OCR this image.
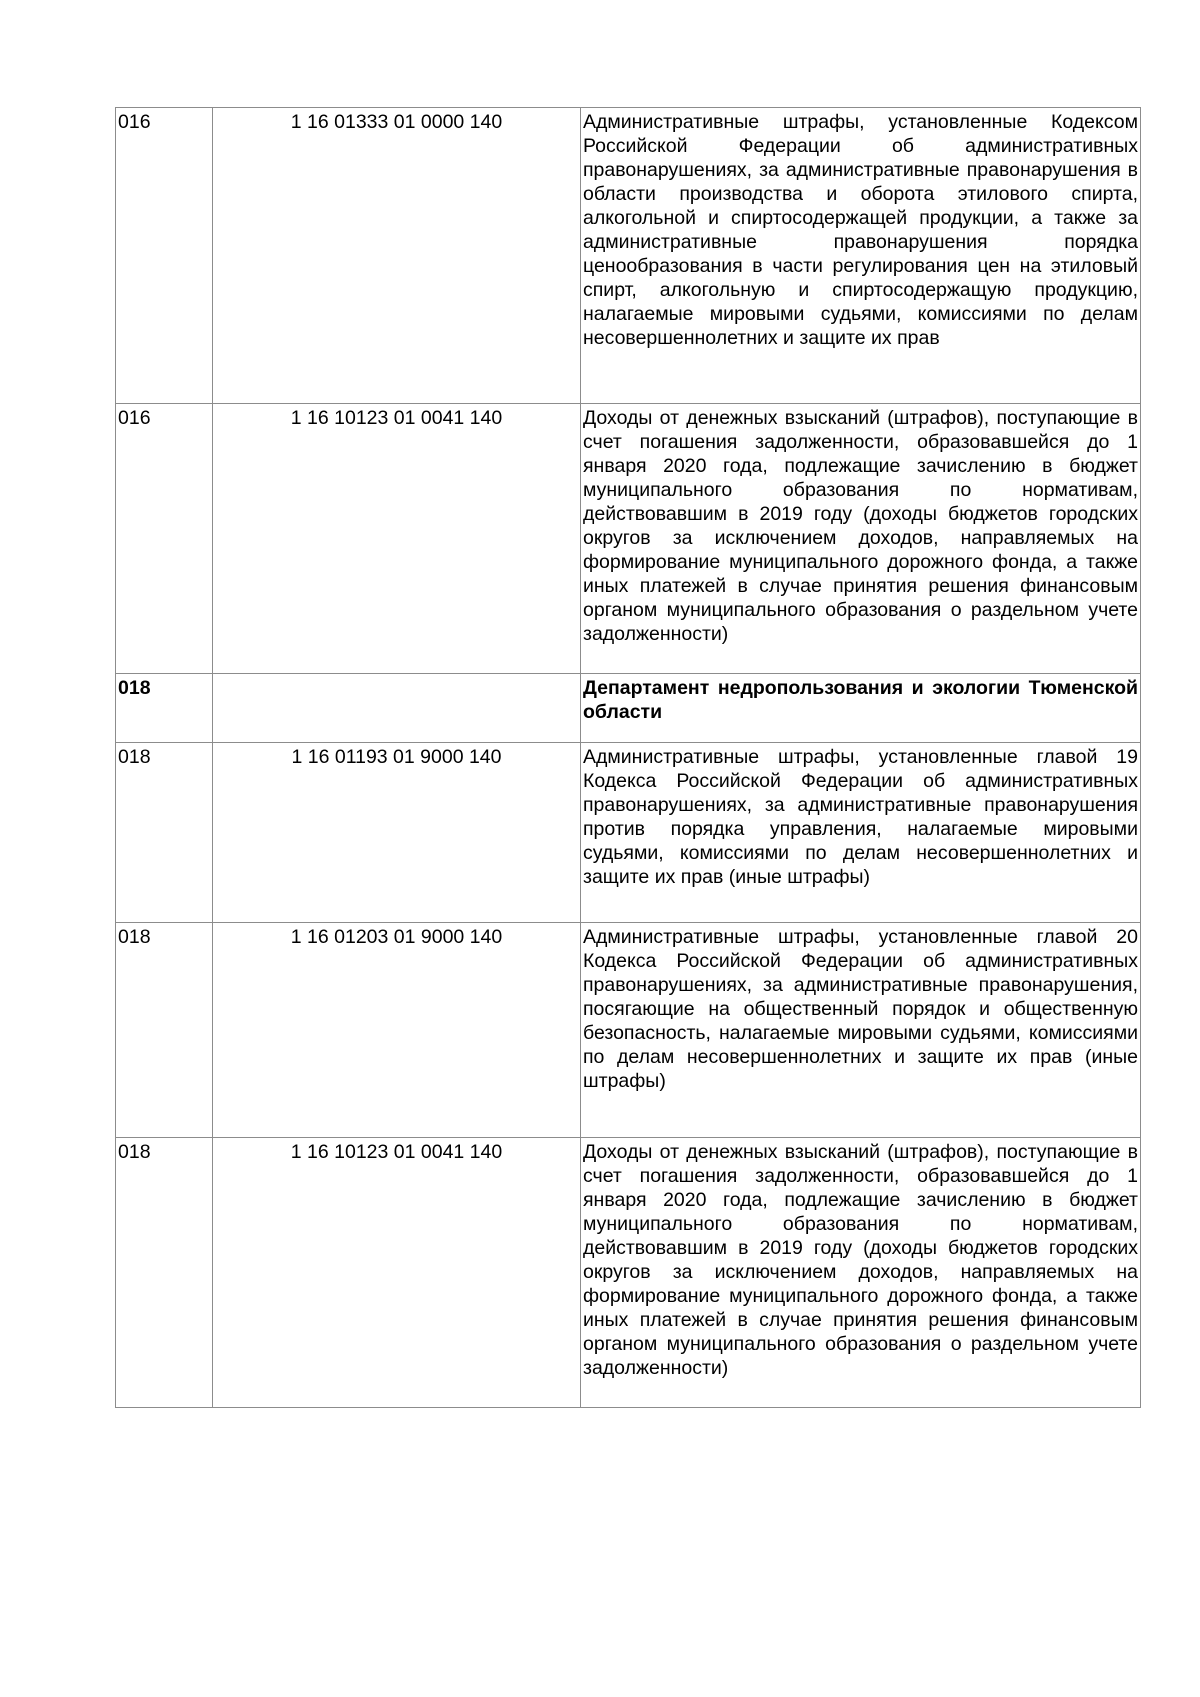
016	1 16 01333 01 0000 140	Административные штрафы, установленные Кодексом Российской Федерации об административных правонарушениях, за административные правонарушения в области производства и оборота этилового спирта, алкогольной и спиртосодержащей продукции, а также за административные правонарушения порядка ценообразования в части регулирования цен на этиловый спирт, алкогольную и спиртосодержащую продукцию, налагаемые мировыми судьями, комиссиями по делам несовершеннолетних и защите их прав
016	1 16 10123 01 0041 140	Доходы от денежных взысканий (штрафов), поступающие в счет погашения задолженности, образовавшейся до 1 января 2020 года, подлежащие зачислению в бюджет муниципального образования по нормативам, действовавшим в 2019 году (доходы бюджетов городских округов за исключением доходов, направляемых на формирование муниципального дорожного фонда, а также иных платежей в случае принятия решения финансовым органом муниципального образования о раздельном учете задолженности)
018		Департамент недропользования и экологии Тюменской области
018	1 16 01193 01 9000 140	Административные штрафы, установленные главой 19 Кодекса Российской Федерации об административных правонарушениях, за административные правонарушения против порядка управления, налагаемые мировыми судьями, комиссиями по делам несовершеннолетних и защите их прав (иные штрафы)
018	1 16 01203 01 9000 140	Административные штрафы, установленные главой 20 Кодекса Российской Федерации об административных правонарушениях, за административные правонарушения, посягающие на общественный порядок и общественную безопасность, налагаемые мировыми судьями, комиссиями по делам несовершеннолетних и защите их прав (иные штрафы)
018	1 16 10123 01 0041 140	Доходы от денежных взысканий (штрафов), поступающие в счет погашения задолженности, образовавшейся до 1 января 2020 года, подлежащие зачислению в бюджет муниципального образования по нормативам, действовавшим в 2019 году (доходы бюджетов городских округов за исключением доходов, направляемых на формирование муниципального дорожного фонда, а также иных платежей в случае принятия решения финансовым органом муниципального образования о раздельном учете задолженности)
